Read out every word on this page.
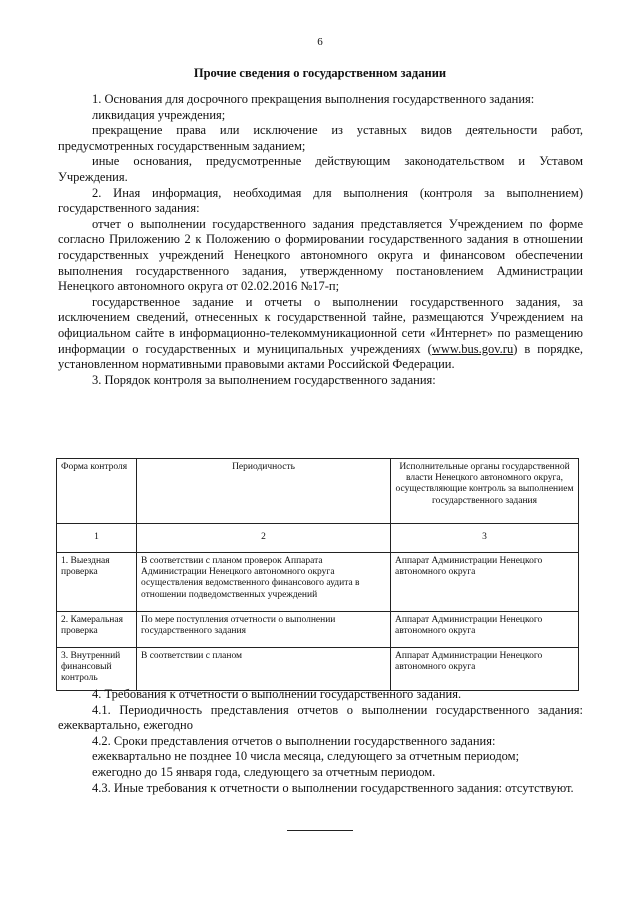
6
Прочие сведения о государственном задании

1. Основания для досрочного прекращения выполнения государственного задания:

ликвидация учреждения;

прекращение права или исключение из уставных видов деятельности работ, предусмотренных государственным заданием;

иные основания, предусмотренные действующим законодательством и Уставом Учреждения.

2. Иная информация, необходимая для выполнения (контроля за выполнением) государственного задания:

отчет о выполнении государственного задания представляется Учреждением по форме согласно Приложению 2 к Положению о формировании государственного задания в отношении государственных учреждений Ненецкого автономного округа и финансовом обеспечении выполнения государственного задания, утвержденному постановлением Администрации Ненецкого автономного округа от 02.02.2016 №17-п;

государственное задание и отчеты о выполнении государственного задания, за исключением сведений, отнесенных к государственной тайне, размещаются Учреждением на официальном сайте в информационно-телекоммуникационной сети «Интернет» по размещению информации о государственных и муниципальных учреждениях (www.bus.gov.ru) в порядке, установленном нормативными правовыми актами Российской Федерации.

3. Порядок контроля за выполнением государственного задания:

Форма контроля	Периодичность	Исполнительные органы государственной власти Ненецкого автономного округа, осуществляющие контроль за выполнением государственного задания
1	2	3
1. Выездная проверка	В соответствии с планом проверок Аппарата Администрации Ненецкого автономного округа осуществления ведомственного финансового аудита в отношении подведомственных учреждений	Аппарат Администрации Ненецкого автономного округа
2. Камеральная проверка	По мере поступления отчетности о выполнении государственного задания	Аппарат Администрации Ненецкого автономного округа
3. Внутренний финансовый контроль	В соответствии с планом	Аппарат Администрации Ненецкого автономного округа

4. Требования к отчетности о выполнении государственного задания.

4.1. Периодичность представления отчетов о выполнении государственного задания: ежеквартально, ежегодно

4.2. Сроки представления отчетов о выполнении государственного задания:

ежеквартально не позднее 10 числа месяца, следующего за отчетным периодом;

ежегодно до 15 января года, следующего за отчетным периодом.

4.3. Иные требования к отчетности о выполнении государственного задания: отсутствуют.
